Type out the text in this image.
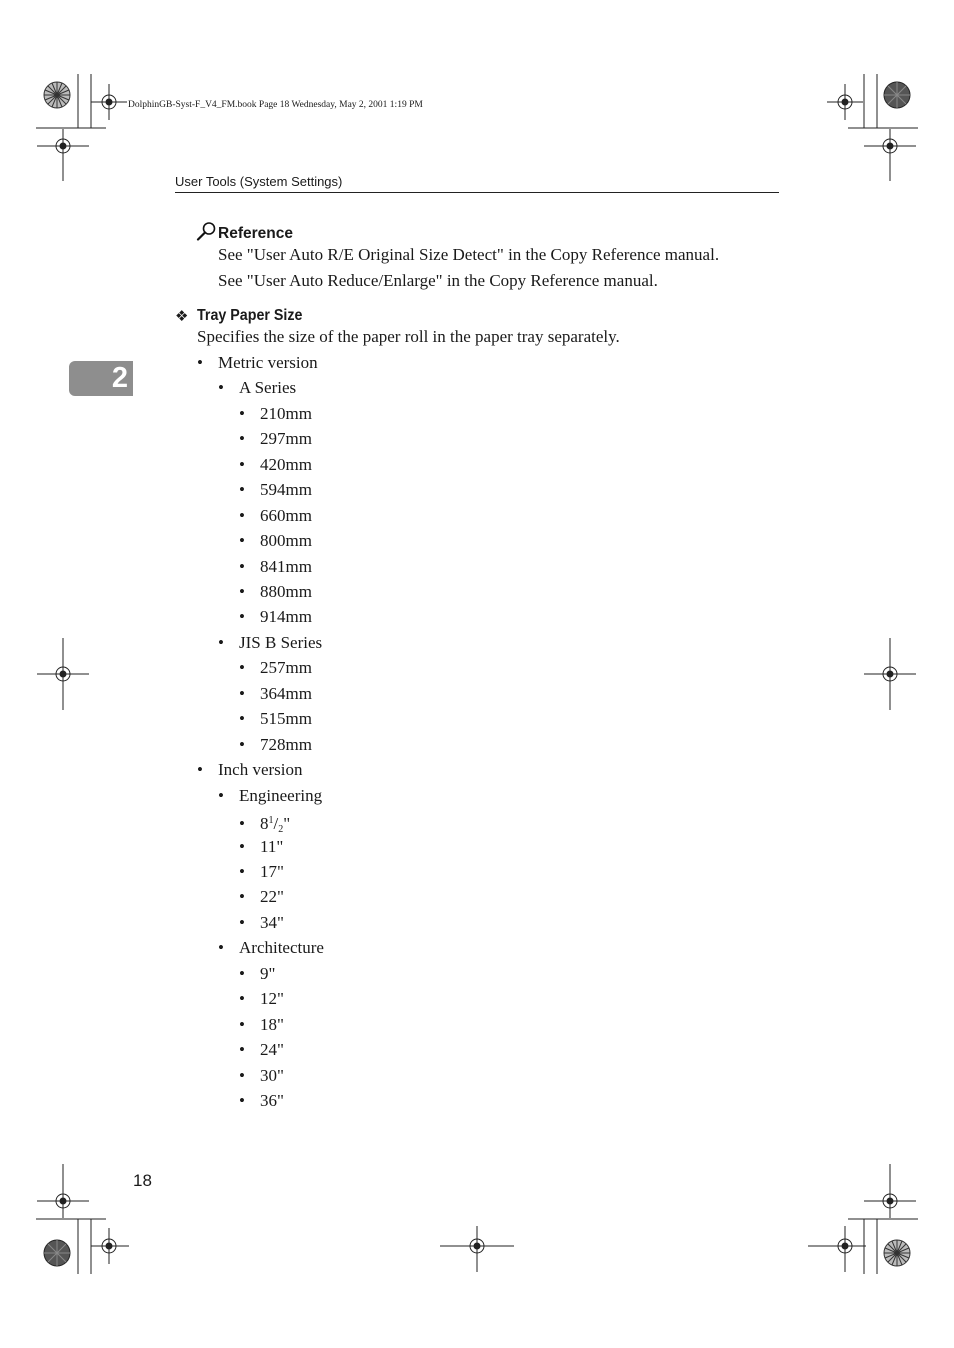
DolphinGB-Syst-F_V4_FM.book Page 18 Wednesday, May 2, 2001 1:19 PM
User Tools (System Settings)
2
Reference
See "User Auto R/E Original Size Detect" in the Copy Reference manual.
See "User Auto Reduce/Enlarge" in the Copy Reference manual.
❖ Tray Paper Size
Specifies the size of the paper roll in the paper tray separately.
• Metric version
• A Series
• 210mm
• 297mm
• 420mm
• 594mm
• 660mm
• 800mm
• 841mm
• 880mm
• 914mm
• JIS B Series
• 257mm
• 364mm
• 515mm
• 728mm
• Inch version
• Engineering
• $8^1/_2$"
• 11"
• 17"
• 22"
• 34"
• Architecture
• 9"
• 12"
• 18"
• 24"
• 30"
• 36"
18
